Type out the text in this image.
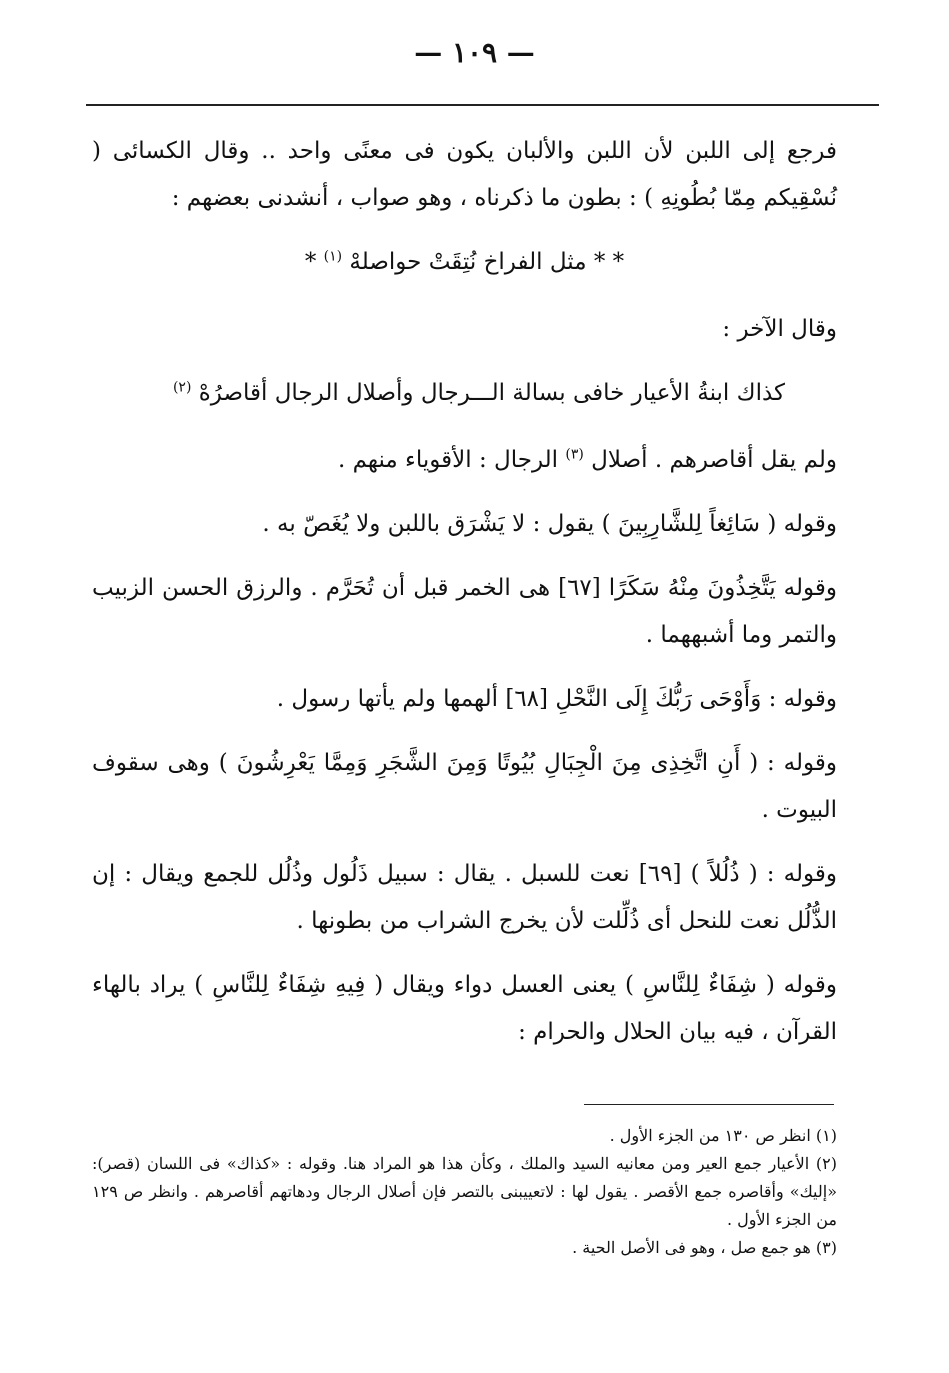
— ١٠٩ —

فرجع إلى اللبن لأن اللبن والألبان يكون فى معنًى واحد .. وقال الكسائى ( نُسْقِيكم مِمّا بُطُونِهِ ) : بطون ما ذكرناه ، وهو صواب ، أنشدنى بعضهم :

* * مثل الفراخ نُتِقَتْ حواصلهْ $^{(١)}$ *

وقال الآخر :

كذاك ابنةُ الأعيار خافى بسالة الـــرجال وأصلال الرجال أقاصرُهْ $^{(٢)}$

ولم يقل أقاصرهم . أصلال $^{(٣)}$ الرجال : الأقوياء منهم .

وقوله ( سَائِغاً لِلشَّارِبِينَ ) يقول : لا يَشْرَق باللبن ولا يُغَصّ به .

وقوله يَتَّخِذُونَ مِنْهُ سَكَرًا [٦٧] هى الخمر قبل أن تُحَرَّم . والرزق الحسن الزبيب والتمر وما أشبههما .

وقوله : وَأَوْحَى رَبُّكَ إِلَى النَّحْلِ [٦٨] ألهمها ولم يأتها رسول .

وقوله : ( أَنِ اتَّخِذِى مِنَ الْجِبَالِ بُيُوتًا وَمِنَ الشَّجَرِ وَمِمَّا يَعْرِشُونَ ) وهى سقوف البيوت .

وقوله : ( ذُلُلاً ) [٦٩] نعت للسبل . يقال : سبيل ذَلُول وذُلُل للجمع ويقال : إن الذُّلُل نعت للنحل أى ذُلِّلت لأن يخرج الشراب من بطونها .

وقوله ( شِفَاءٌ لِلنَّاسِ ) يعنى العسل دواء ويقال ( فِيهِ شِفَاءٌ لِلنَّاسِ ) يراد بالهاء القرآن ، فيه بيان الحلال والحرام :

(١) انظر ص ١٣٠ من الجزء الأول .

(٢) الأعيار جمع العير ومن معانيه السيد والملك ، وكأن هذا هو المراد هنا. وقوله : «كذاك» فى اللسان (قصر): «إليك» وأقاصره جمع الأقصر . يقول لها : لاتعييبنى بالتصر فإن أصلال الرجال ودهاتهم أقاصرهم . وانظر ص ١٢٩ من الجزء الأول .

(٣) هو جمع صل ، وهو فى الأصل الحية .
